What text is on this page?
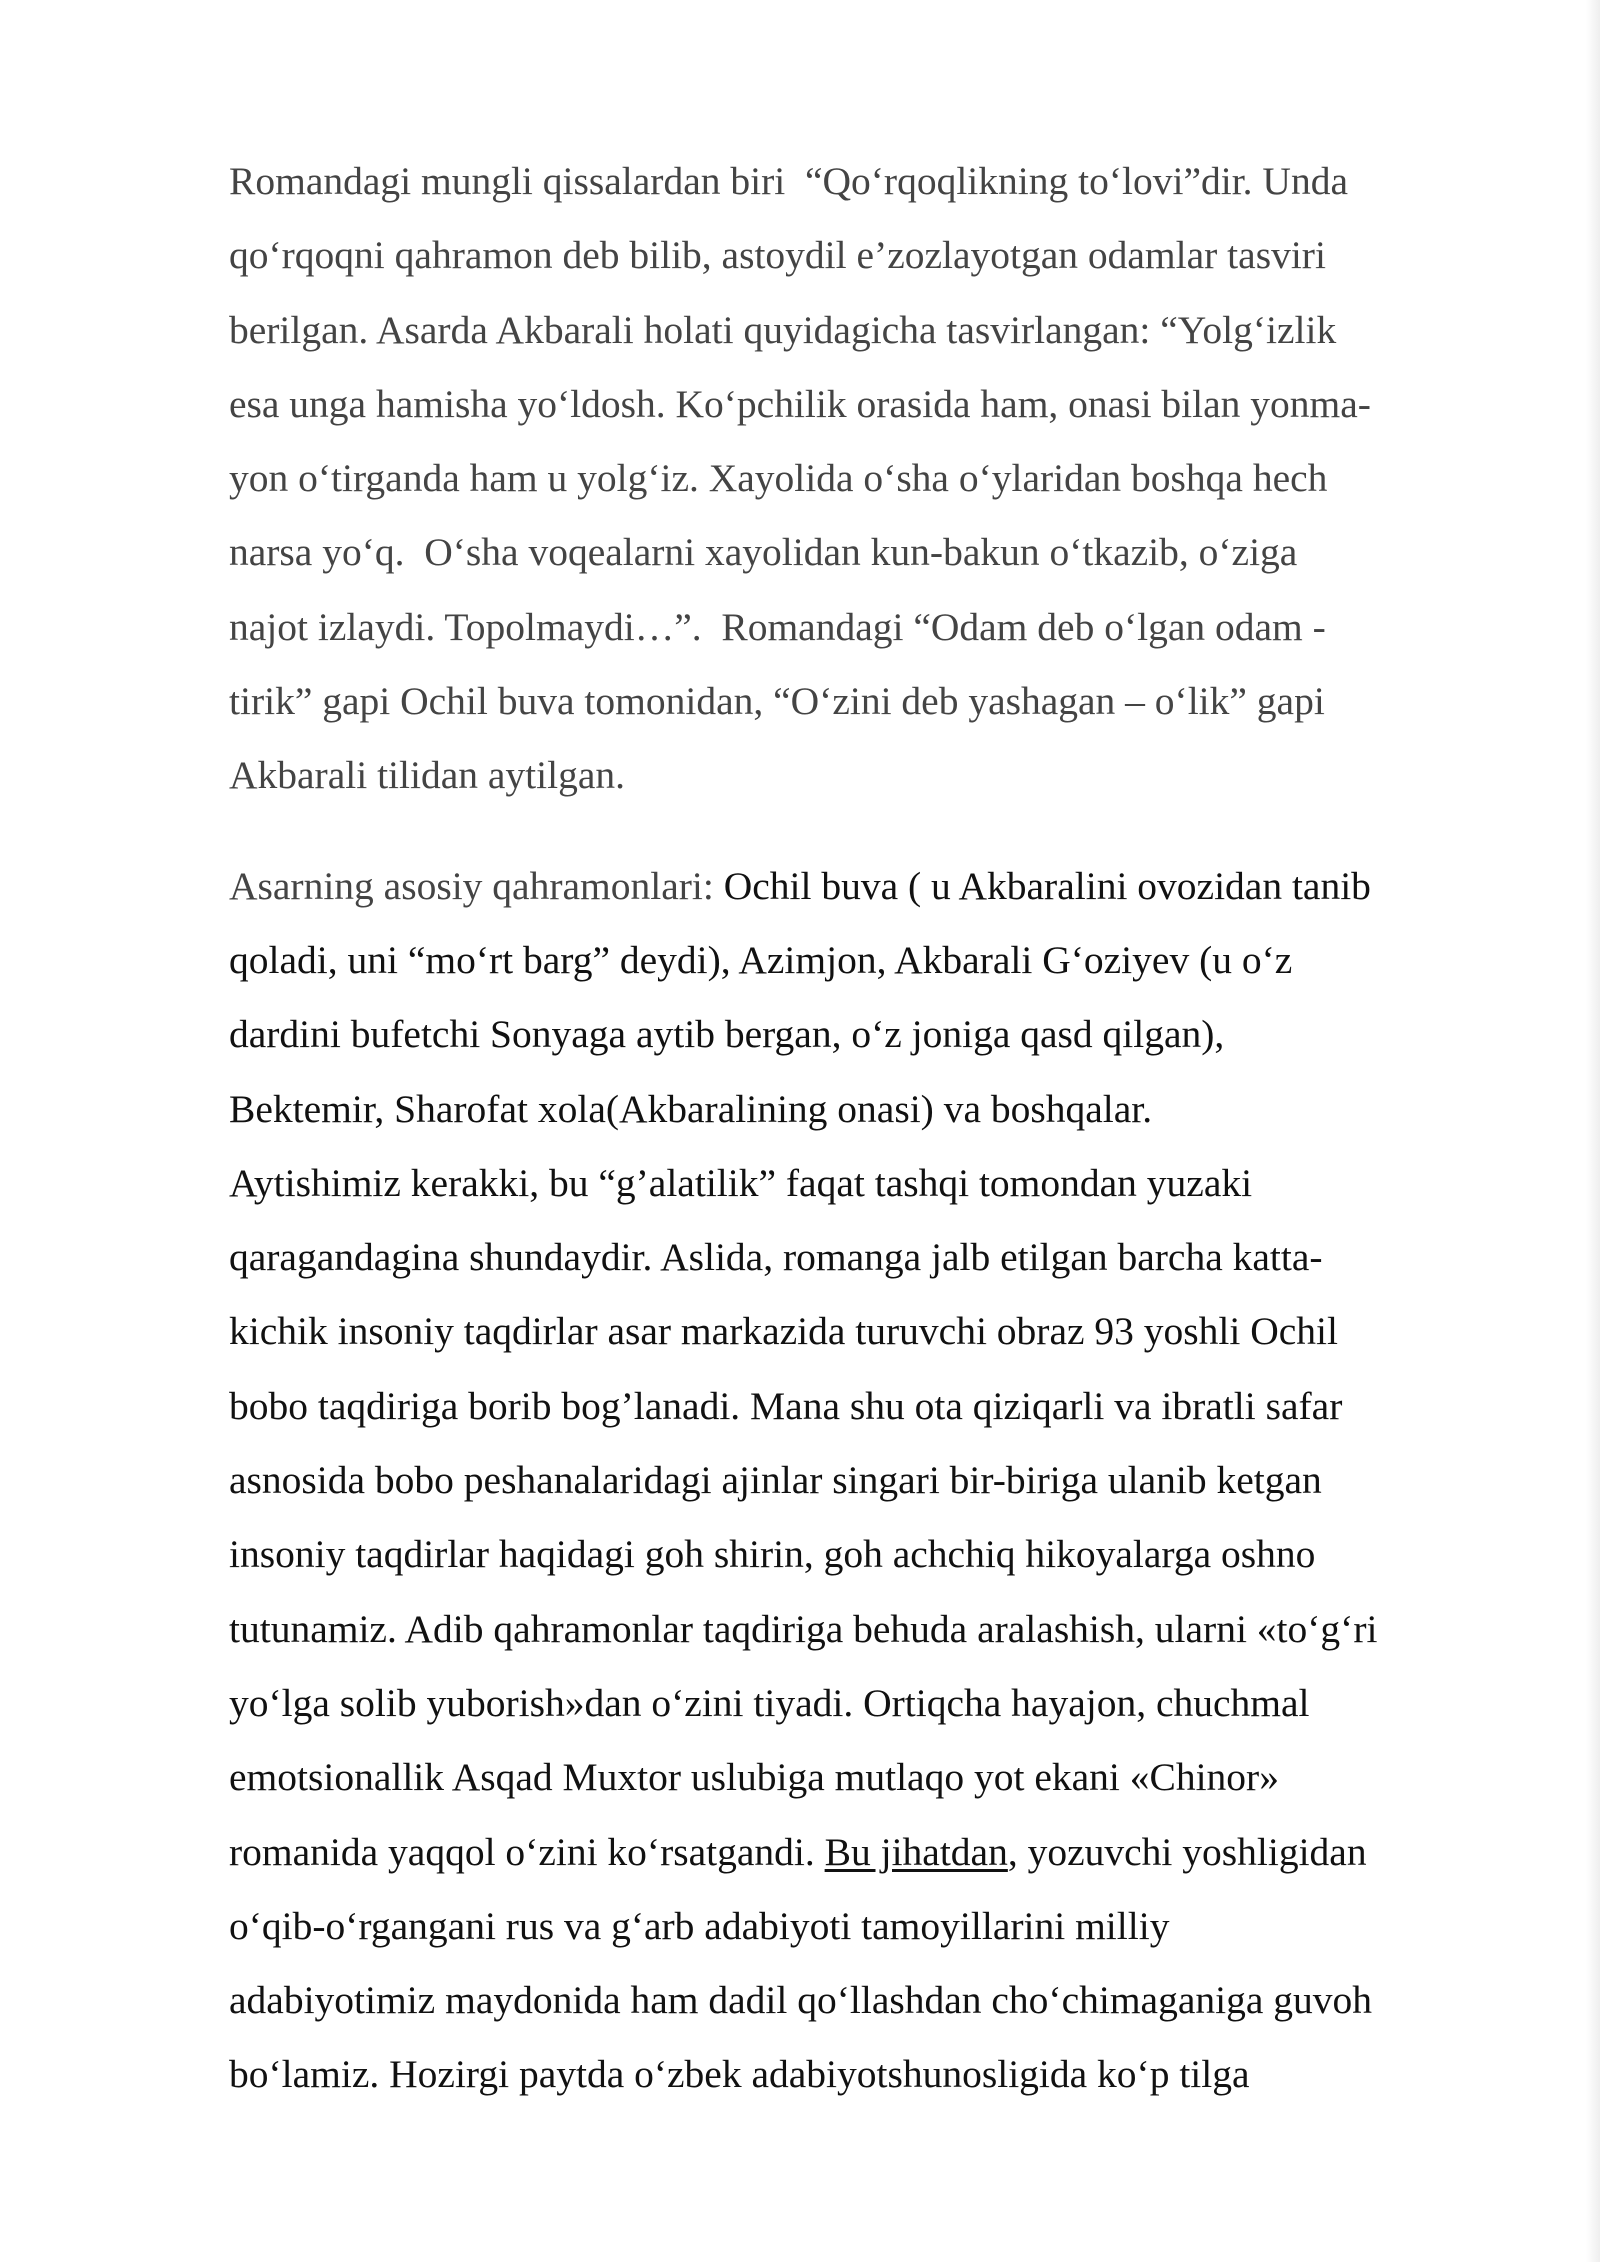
Romandagi mungli qissalardan biri  “Qo‘rqoqlikning to‘lovi”dir. Unda
qo‘rqoqni qahramon deb bilib, astoydil e’zozlayotgan odamlar tasviri
berilgan. Asarda Akbarali holati quyidagicha tasvirlangan: “Yolg‘izlik
esa unga hamisha yo‘ldosh. Ko‘pchilik orasida ham, onasi bilan yonma-
yon o‘tirganda ham u yolg‘iz. Xayolida o‘sha o‘ylaridan boshqa hech
narsa yo‘q.  O‘sha voqealarni xayolidan kun-bakun o‘tkazib, o‘ziga
najot izlaydi. Topolmaydi…”.  Romandagi “Odam deb o‘lgan odam -
tirik” gapi Ochil buva tomonidan, “O‘zini deb yashagan – o‘lik” gapi
Akbarali tilidan aytilgan.
Asarning asosiy qahramonlari: Ochil buva ( u Akbaralini ovozidan tanib
qoladi, uni “mo‘rt barg” deydi), Azimjon, Akbarali G‘oziyev (u o‘z
dardini bufetchi Sonyaga aytib bergan, o‘z joniga qasd qilgan),
Bektemir, Sharofat xola(Akbaralining onasi) va boshqalar.
Aytishimiz kerakki, bu “g’alatilik” faqat tashqi tomondan yuzaki
qaragandagina shundaydir. Aslida, romanga jalb etilgan barcha katta-
kichik insoniy taqdirlar asar markazida turuvchi obraz 93 yoshli Ochil
bobo taqdiriga borib bog’lanadi. Mana shu ota qiziqarli va ibratli safar
asnosida bobo peshanalaridagi ajinlar singari bir-biriga ulanib ketgan
insoniy taqdirlar haqidagi goh shirin, goh achchiq hikoyalarga oshno
tutunamiz. Adib qahramonlar taqdiriga behuda aralashish, ularni «to‘g‘ri
yo‘lga solib yuborish»dan o‘zini tiyadi. Ortiqcha hayajon, chuchmal
emotsionallik Asqad Muxtor uslubiga mutlaqo yot ekani «Chinor»
romanida yaqqol o‘zini ko‘rsatgandi. Bu jihatdan, yozuvchi yoshligidan
o‘qib-o‘rgangani rus va g‘arb adabiyoti tamoyillarini milliy
adabiyotimiz maydonida ham dadil qo‘llashdan cho‘chimaganiga guvoh
bo‘lamiz. Hozirgi paytda o‘zbek adabiyotshunosligida ko‘p tilga
